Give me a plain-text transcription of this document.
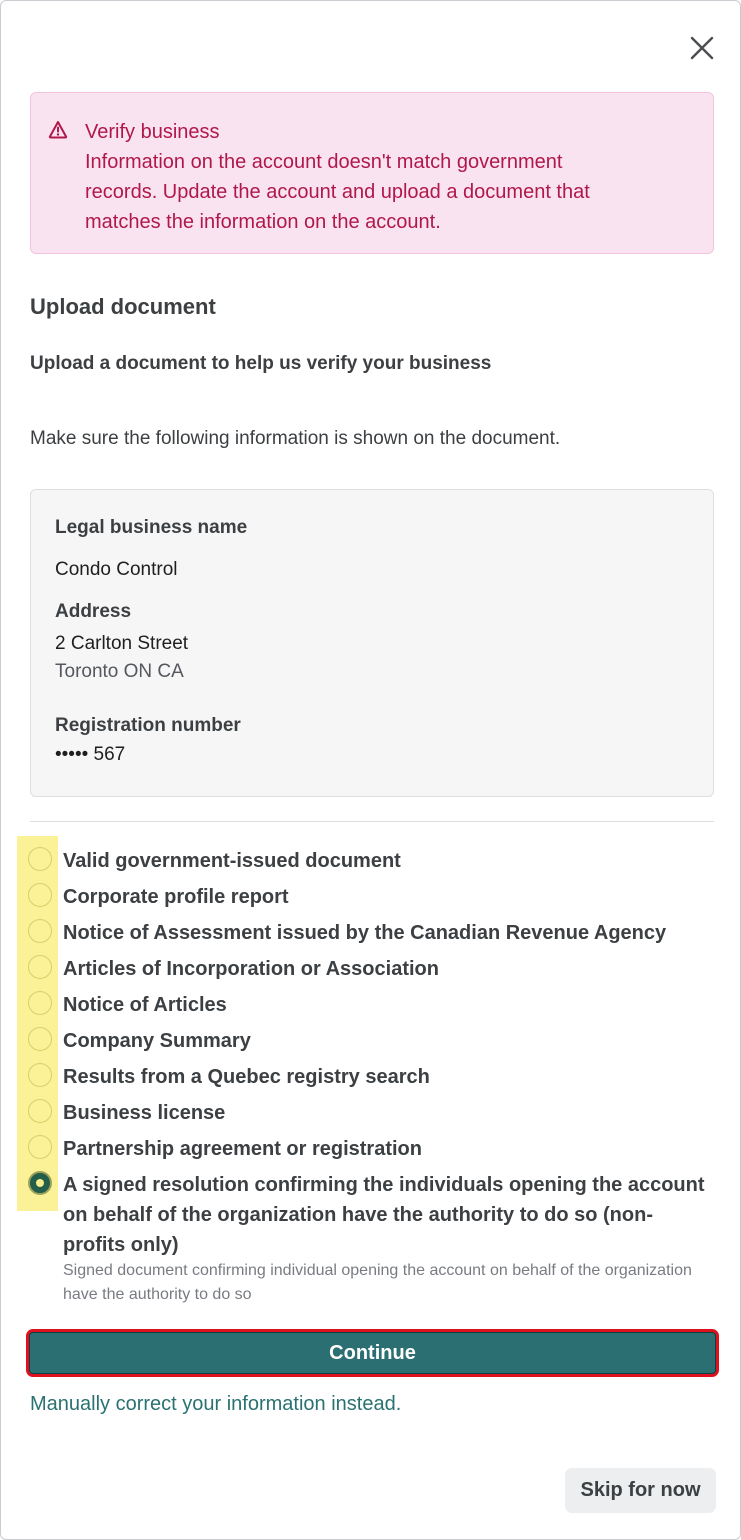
Verify business
Information on the account doesn't match government
records. Update the account and upload a document that
matches the information on the account.
Upload document
Upload a document to help us verify your business
Make sure the following information is shown on the document.
Legal business name
Condo Control
Address
2 Carlton Street
Toronto ON CA
Registration number
••••• 567
Valid government-issued document
Corporate profile report
Notice of Assessment issued by the Canadian Revenue Agency
Articles of Incorporation or Association
Notice of Articles
Company Summary
Results from a Quebec registry search
Business license
Partnership agreement or registration
A signed resolution confirming the individuals opening the account on behalf of the organization have the authority to do so (non-profits only)
Signed document confirming individual opening the account on behalf of the organization have the authority to do so
Continue
Manually correct your information instead.
Skip for now
